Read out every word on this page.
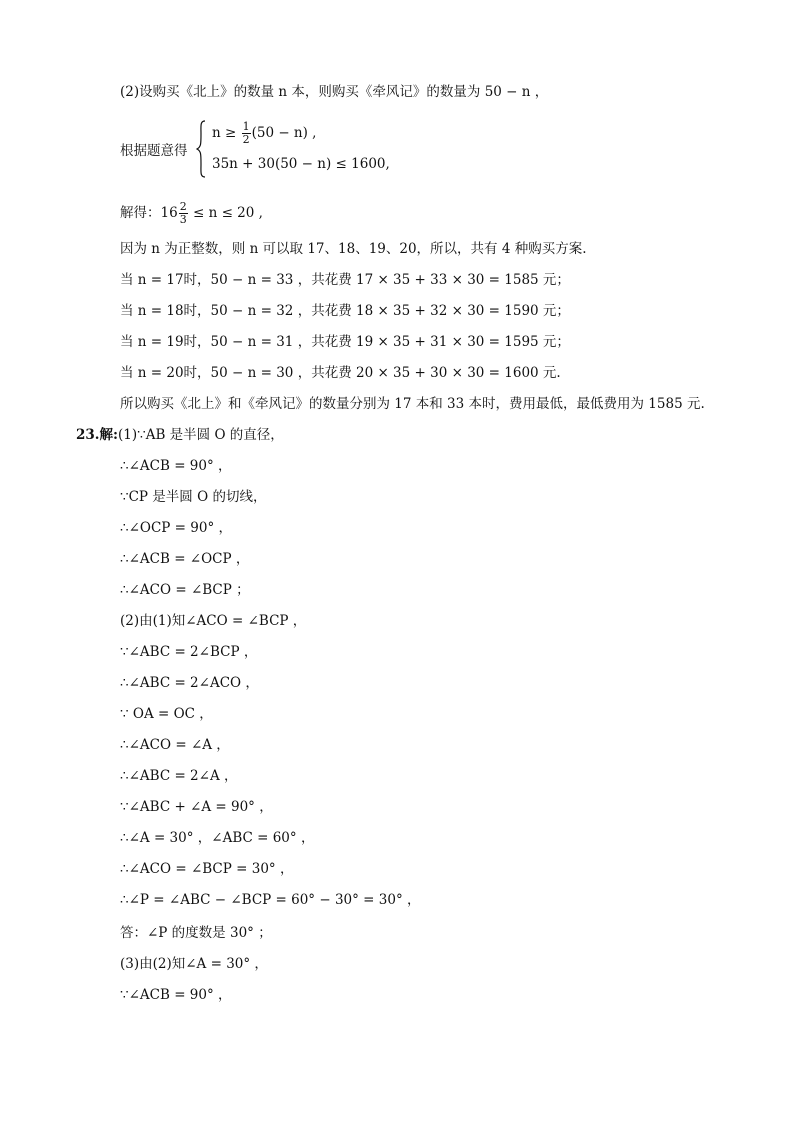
(2)设购买《北上》的数量 n 本，则购买《牵风记》的数量为 50 − n ，
根据题意得
$n \ge \frac{1}{2} (50 - n)$ ,
35n + 30(50 − n) ≤ 1600,
解得：$16 \frac{2}{3} \le n \le 20$ ,
因为 n 为正整数，则 n 可以取 17、18、19、20，所以，共有 4 种购买方案.
当 n = 17时，50 − n = 33 ，共花费 17 × 35 + 33 × 30 = 1585 元；
当 n = 18时，50 − n = 32 ，共花费 18 × 35 + 32 × 30 = 1590 元；
当 n = 19时，50 − n = 31 ，共花费 19 × 35 + 31 × 30 = 1595 元；
当 n = 20时，50 − n = 30 ，共花费 20 × 35 + 30 × 30 = 1600 元.
所以购买《北上》和《牵风记》的数量分别为 17 本和 33 本时，费用最低，最低费用为 1585 元.
23.解:(1)∵AB 是半圆 O 的直径，
∴∠ACB = 90° ，
∵CP 是半圆 O 的切线，
∴∠OCP = 90° ，
∴∠ACB = ∠OCP ，
∴∠ACO = ∠BCP ；
(2)由(1)知∠ACO = ∠BCP ，
∵∠ABC = 2∠BCP ，
∴∠ABC = 2∠ACO ，
∵ OA = OC ，
∴∠ACO = ∠A ，
∴∠ABC = 2∠A ，
∵∠ABC + ∠A = 90° ，
∴∠A = 30° ，∠ABC = 60° ，
∴∠ACO = ∠BCP = 30° ，
∴∠P = ∠ABC − ∠BCP = 60° − 30° = 30° ，
答：∠P 的度数是 30° ；
(3)由(2)知∠A = 30° ，
∵∠ACB = 90° ，
